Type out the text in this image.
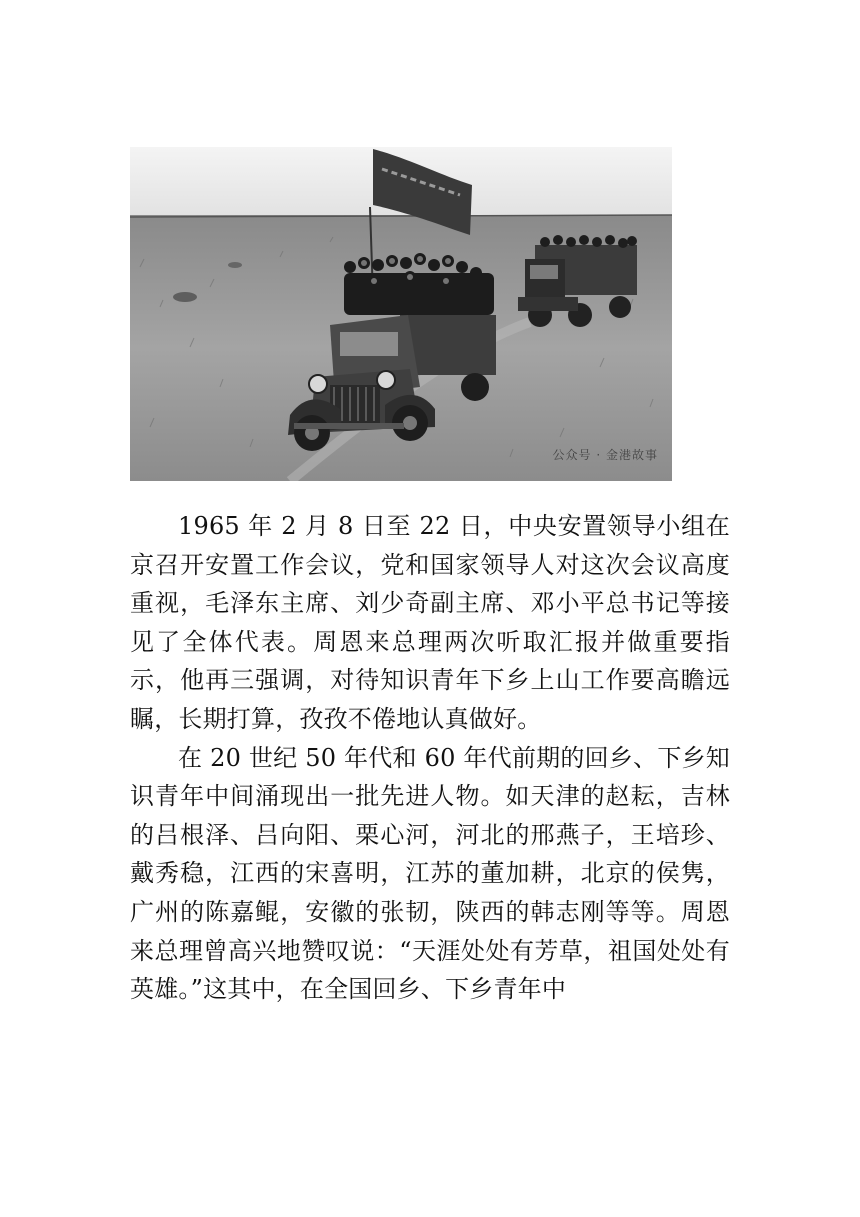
公众号 · 金港故事

1965 年 2 月 8 日至 22 日，中央安置领导小组在京召开安置工作会议，党和国家领导人对这次会议高度重视，毛泽东主席、刘少奇副主席、邓小平总书记等接见了全体代表。周恩来总理两次听取汇报并做重要指示，他再三强调，对待知识青年下乡上山工作要高瞻远瞩，长期打算，孜孜不倦地认真做好。

在 20 世纪 50 年代和 60 年代前期的回乡、下乡知识青年中间涌现出一批先进人物。如天津的赵耘，吉林的吕根泽、吕向阳、栗心河，河北的邢燕子，王培珍、戴秀稳，江西的宋喜明，江苏的董加耕，北京的侯隽，广州的陈嘉鲲，安徽的张韧，陕西的韩志刚等等。周恩来总理曾高兴地赞叹说：“天涯处处有芳草，祖国处处有英雄。”这其中，在全国回乡、下乡青年中
